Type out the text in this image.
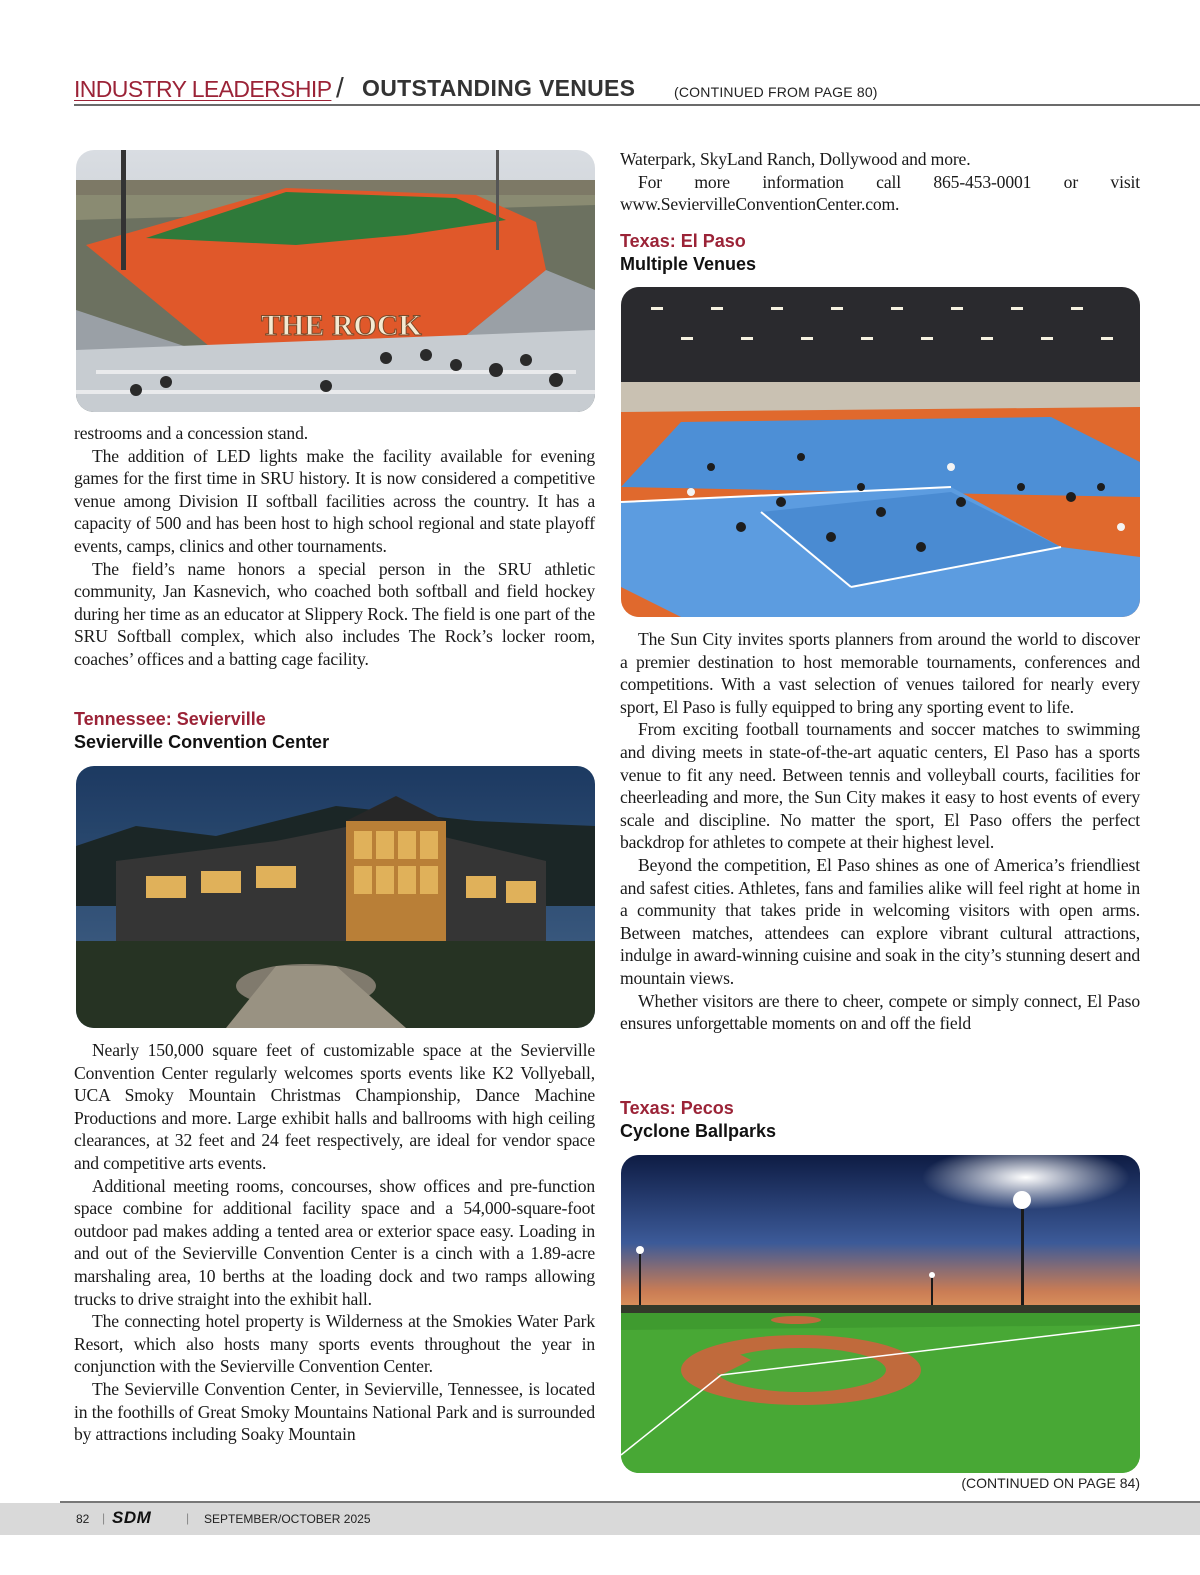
INDUSTRY LEADERSHIP / OUTSTANDING VENUES	(CONTINUED FROM PAGE 80)
THE ROCK

restrooms and a concession stand.

The addition of LED lights make the facility available for evening games for the first time in SRU history. It is now considered a competitive venue among Division II softball facilities across the country. It has a capacity of 500 and has been host to high school regional and state playoff events, camps, clinics and other tournaments.

The field’s name honors a special person in the SRU athletic community, Jan Kasnevich, who coached both softball and field hockey during her time as an educator at Slippery Rock. The field is one part of the SRU Softball complex, which also includes The Rock’s locker room, coaches’ offices and a batting cage facility.

Tennessee: Sevierville

Sevierville Convention Center

Nearly 150,000 square feet of customizable space at the Sevierville Convention Center regularly welcomes sports events like K2 Vollyeball, UCA Smoky Mountain Christmas Championship, Dance Machine Productions and more. Large exhibit halls and ballrooms with high ceiling clearances, at 32 feet and 24 feet respectively, are ideal for vendor space and competitive arts events.

Additional meeting rooms, concourses, show offices and pre-function space combine for additional facility space and a 54,000-square-foot outdoor pad makes adding a tented area or exterior space easy. Loading in and out of the Sevierville Convention Center is a cinch with a 1.89-acre marshaling area, 10 berths at the loading dock and two ramps allowing trucks to drive straight into the exhibit hall.

The connecting hotel property is Wilderness at the Smokies Water Park Resort, which also hosts many sports events throughout the year in conjunction with the Sevierville Convention Center.

The Sevierville Convention Center, in Sevierville, Tennessee, is located in the foothills of Great Smoky Mountains National Park and is surrounded by attractions including Soaky Mountain

Waterpark, SkyLand Ranch, Dollywood and more.

For more information call 865-453-0001 or visit www.SeviervilleConventionCenter.com.

Texas: El Paso

Multiple Venues

The Sun City invites sports planners from around the world to discover a premier destination to host memorable tournaments, conferences and competitions. With a vast selection of venues tailored for nearly every sport, El Paso is fully equipped to bring any sporting event to life.

From exciting football tournaments and soccer matches to swimming and diving meets in state-of-the-art aquatic centers, El Paso has a sports venue to fit any need. Between tennis and volleyball courts, facilities for cheerleading and more, the Sun City makes it easy to host events of every scale and discipline. No matter the sport, El Paso offers the perfect backdrop for athletes to compete at their highest level.

Beyond the competition, El Paso shines as one of America’s friendliest and safest cities. Athletes, fans and families alike will feel right at home in a community that takes pride in welcoming visitors with open arms. Between matches, attendees can explore vibrant cultural attractions, indulge in award-winning cuisine and soak in the city’s stunning desert and mountain views.

Whether visitors are there to cheer, compete or simply connect, El Paso ensures unforgettable moments on and off the field

Texas: Pecos

Cyclone Ballparks

(CONTINUED ON PAGE 84)
82 | SDM	| SEPTEMBER/OCTOBER 2025
